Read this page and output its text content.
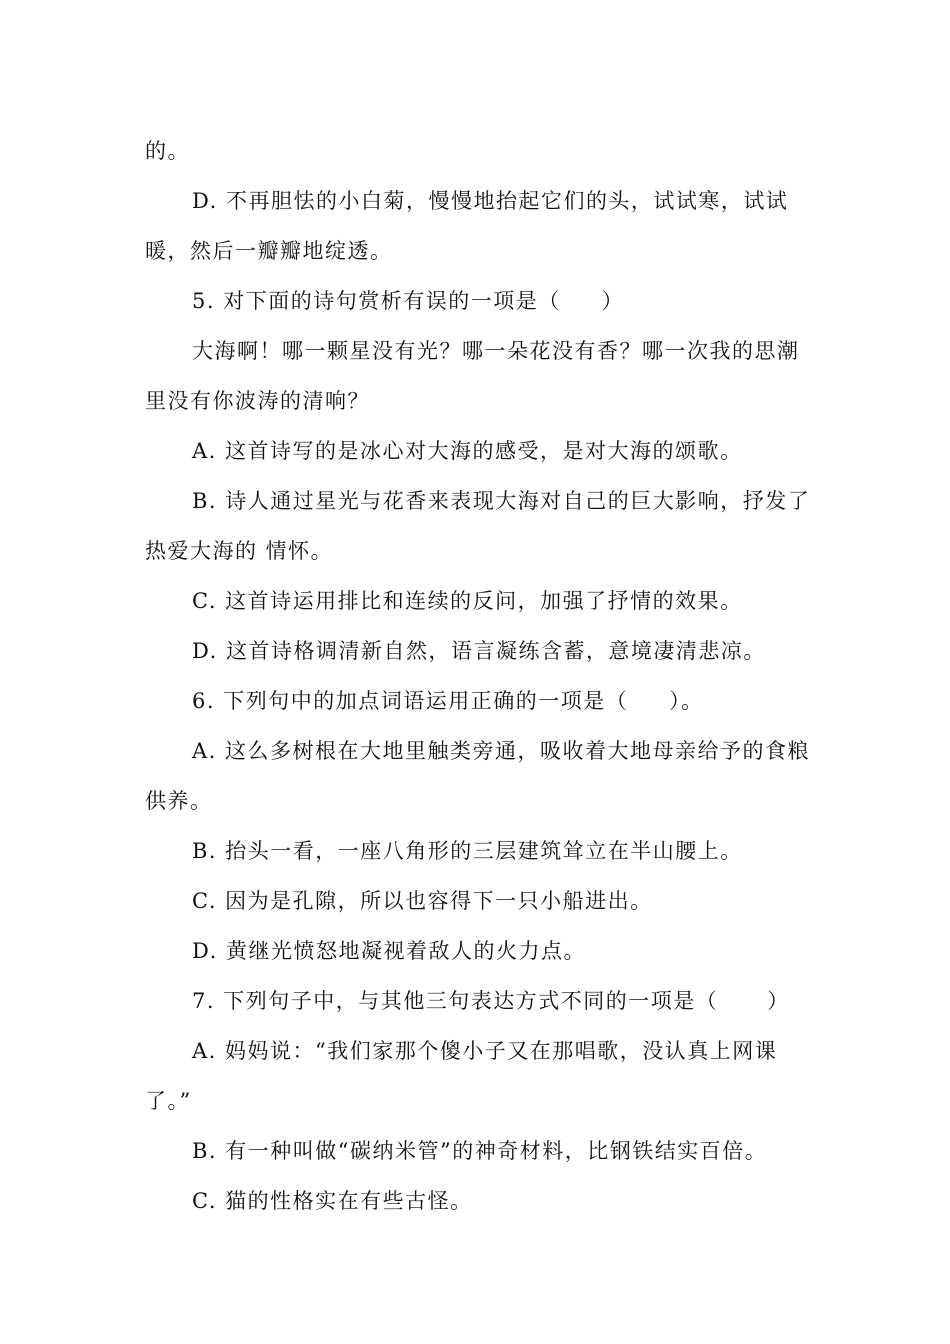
的。
D. 不再胆怯的小白菊，慢慢地抬起它们的头，试试寒，试试
暖，然后一瓣瓣地绽透。
5. 对下面的诗句赏析有误的一项是（     ）
大海啊！哪一颗星没有光？哪一朵花没有香？哪一次我的思潮
里没有你波涛的清响？
A. 这首诗写的是冰心对大海的感受，是对大海的颂歌。
B. 诗人通过星光与花香来表现大海对自己的巨大影响，抒发了
热爱大海的 情怀。
C. 这首诗运用排比和连续的反问，加强了抒情的效果。
D. 这首诗格调清新自然，语言凝练含蓄，意境凄清悲凉。
6. 下列句中的加点词语运用正确的一项是（     ）。
A. 这么多树根在大地里触类旁通，吸收着大地母亲给予的食粮
供养。
B. 抬头一看，一座八角形的三层建筑耸立在半山腰上。
C. 因为是孔隙，所以也容得下一只小船进出。
D. 黄继光愤怒地凝视着敌人的火力点。
7. 下列句子中，与其他三句表达方式不同的一项是（      ）
A. 妈妈说：“我们家那个傻小子又在那唱歌，没认真上网课
了。”
B. 有一种叫做“碳纳米管”的神奇材料，比钢铁结实百倍。
C. 猫的性格实在有些古怪。
